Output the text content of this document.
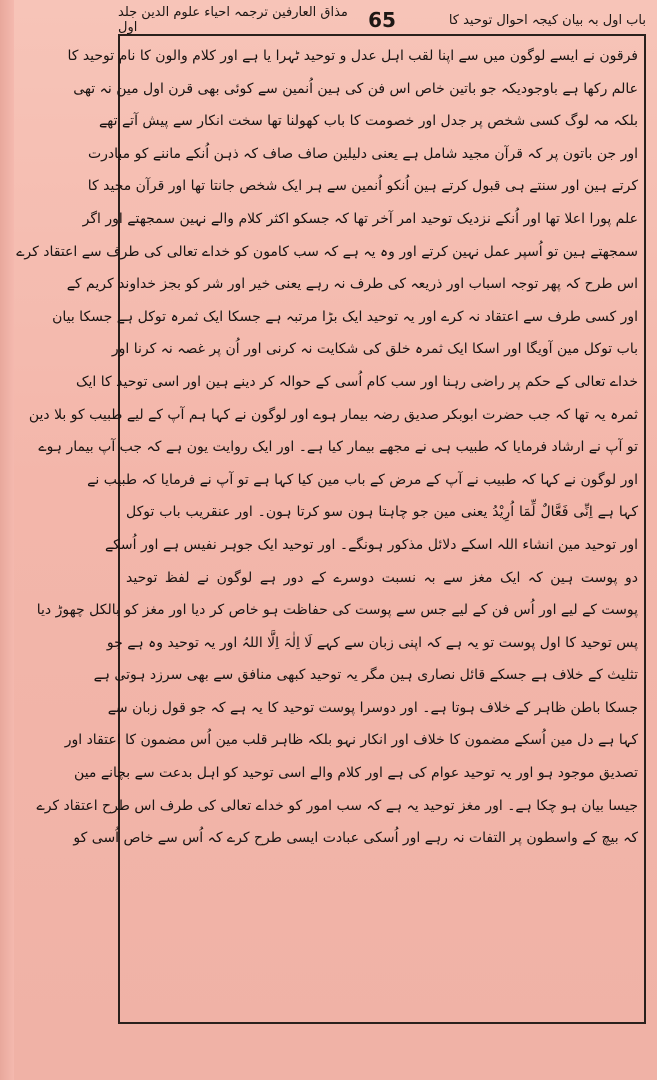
مذاق العارفین ترجمہ احیاء علوم الدین جلد اول	65	باب اول بہ بیان کیجہ احوال توحید کا
فرقون نے ایسے لوگون میں سے اپنا لقب اہل عدل و توحید ٹہرا یا ہے اور کلام والون کا نام توحید کا
عالم رکھا ہے باوجودیکہ جو باتین خاص اس فن کی ہین اُنمین سے کوئی بھی قرن اول مین نہ تھی
بلکہ مہ لوگ کسی شخص پر جدل اور خصومت کا باب کھولنا تھا سخت انکار سے پیش آتے تھے
اور جن باتون پر کہ قرآن مجید شامل ہے یعنی دلیلین صاف صاف کہ ذہن اُنکے ماننے کو مبادرت
کرتے ہین اور سنتے ہی قبول کرتے ہین اُنکو اُنمین سے ہر ایک شخص جانتا تھا اور قرآن مجید کا
علم پورا اعلا تھا اور اُنکے نزدیک توحید امر آخر تھا کہ جسکو اکثر کلام والے نہین سمجھتے اور اگر
سمجھتے ہین تو اُسپر عمل نہین کرتے اور وہ یہ ہے کہ سب کامون کو خداے تعالی کی طرف سے اعتقاد کرے
اس طرح کہ پھر توجہ اسباب اور ذریعہ کی طرف نہ رہے یعنی خیر اور شر کو بجز خداوند کریم کے
اور کسی طرف سے اعتقاد نہ کرے اور یہ توحید ایک بڑا مرتبہ ہے جسکا ایک ثمرہ توکل ہے جسکا بیان
باب توکل مین آویگا اور اسکا ایک ثمرہ خلق کی شکایت نہ کرنی اور اُن پر غصہ نہ کرنا اور
خداے تعالی کے حکم پر راضی رہنا اور سب کام اُسی کے حوالہ کر دینے ہین اور اسی توحید کا ایک
ثمرہ یہ تھا کہ جب حضرت ابوبکر صدیق رضہ بیمار ہوے اور لوگون نے کہا ہم آپ کے لیے طبیب کو بلا دین
تو آپ نے ارشاد فرمایا کہ طبیب ہی نے مجھے بیمار کیا ہے۔ اور ایک روایت یون ہے کہ جب آپ بیمار ہوے
اور لوگون نے کہا کہ طبیب نے آپ کے مرض کے باب مین کیا کہا ہے تو آپ نے فرمایا کہ طبیب نے
کہا ہے اِنِّی فَعَّالٌ لِّمَا اُرِیْدُ یعنی مین جو چاہتا ہون سو کرتا ہون۔ اور عنقریب باب توکل
اور توحید مین انشاء اللہ اسکے دلائل مذکور ہونگے۔ اور توحید ایک جوہر نفیس ہے اور اُسکے
دو پوست ہین کہ ایک مغز سے بہ نسبت دوسرے کے دور ہے لوگون نے لفظ توحید
پوست کے لیے اور اُس فن کے لیے جس سے پوست کی حفاظت ہو خاص کر دیا اور مغز کو بالکل چھوڑ دیا
پس توحید کا اول پوست تو یہ ہے کہ اپنی زبان سے کہے لَا اِلٰہَ اِلَّا اللہُ اور یہ توحید وہ ہے جو
تثلیث کے خلاف ہے جسکے قائل نصاری ہین مگر یہ توحید کبھی منافق سے بھی سرزد ہوتی ہے
جسکا باطن ظاہر کے خلاف ہوتا ہے۔ اور دوسرا پوست توحید کا یہ ہے کہ جو قول زبان سے
کہا ہے دل مین اُسکے مضمون کا خلاف اور انکار نہو بلکہ ظاہر قلب مین اُس مضمون کا اعتقاد اور
تصدیق موجود ہو اور یہ توحید عوام کی ہے اور کلام والے اسی توحید کو اہل بدعت سے بچانے مین
جیسا بیان ہو چکا ہے۔ اور مغز توحید یہ ہے کہ سب امور کو خداے تعالی کی طرف اس طرح اعتقاد کرے
کہ بیچ کے واسطون پر التفات نہ رہے اور اُسکی عبادت ایسی طرح کرے کہ اُس سے خاص اُسی کو
